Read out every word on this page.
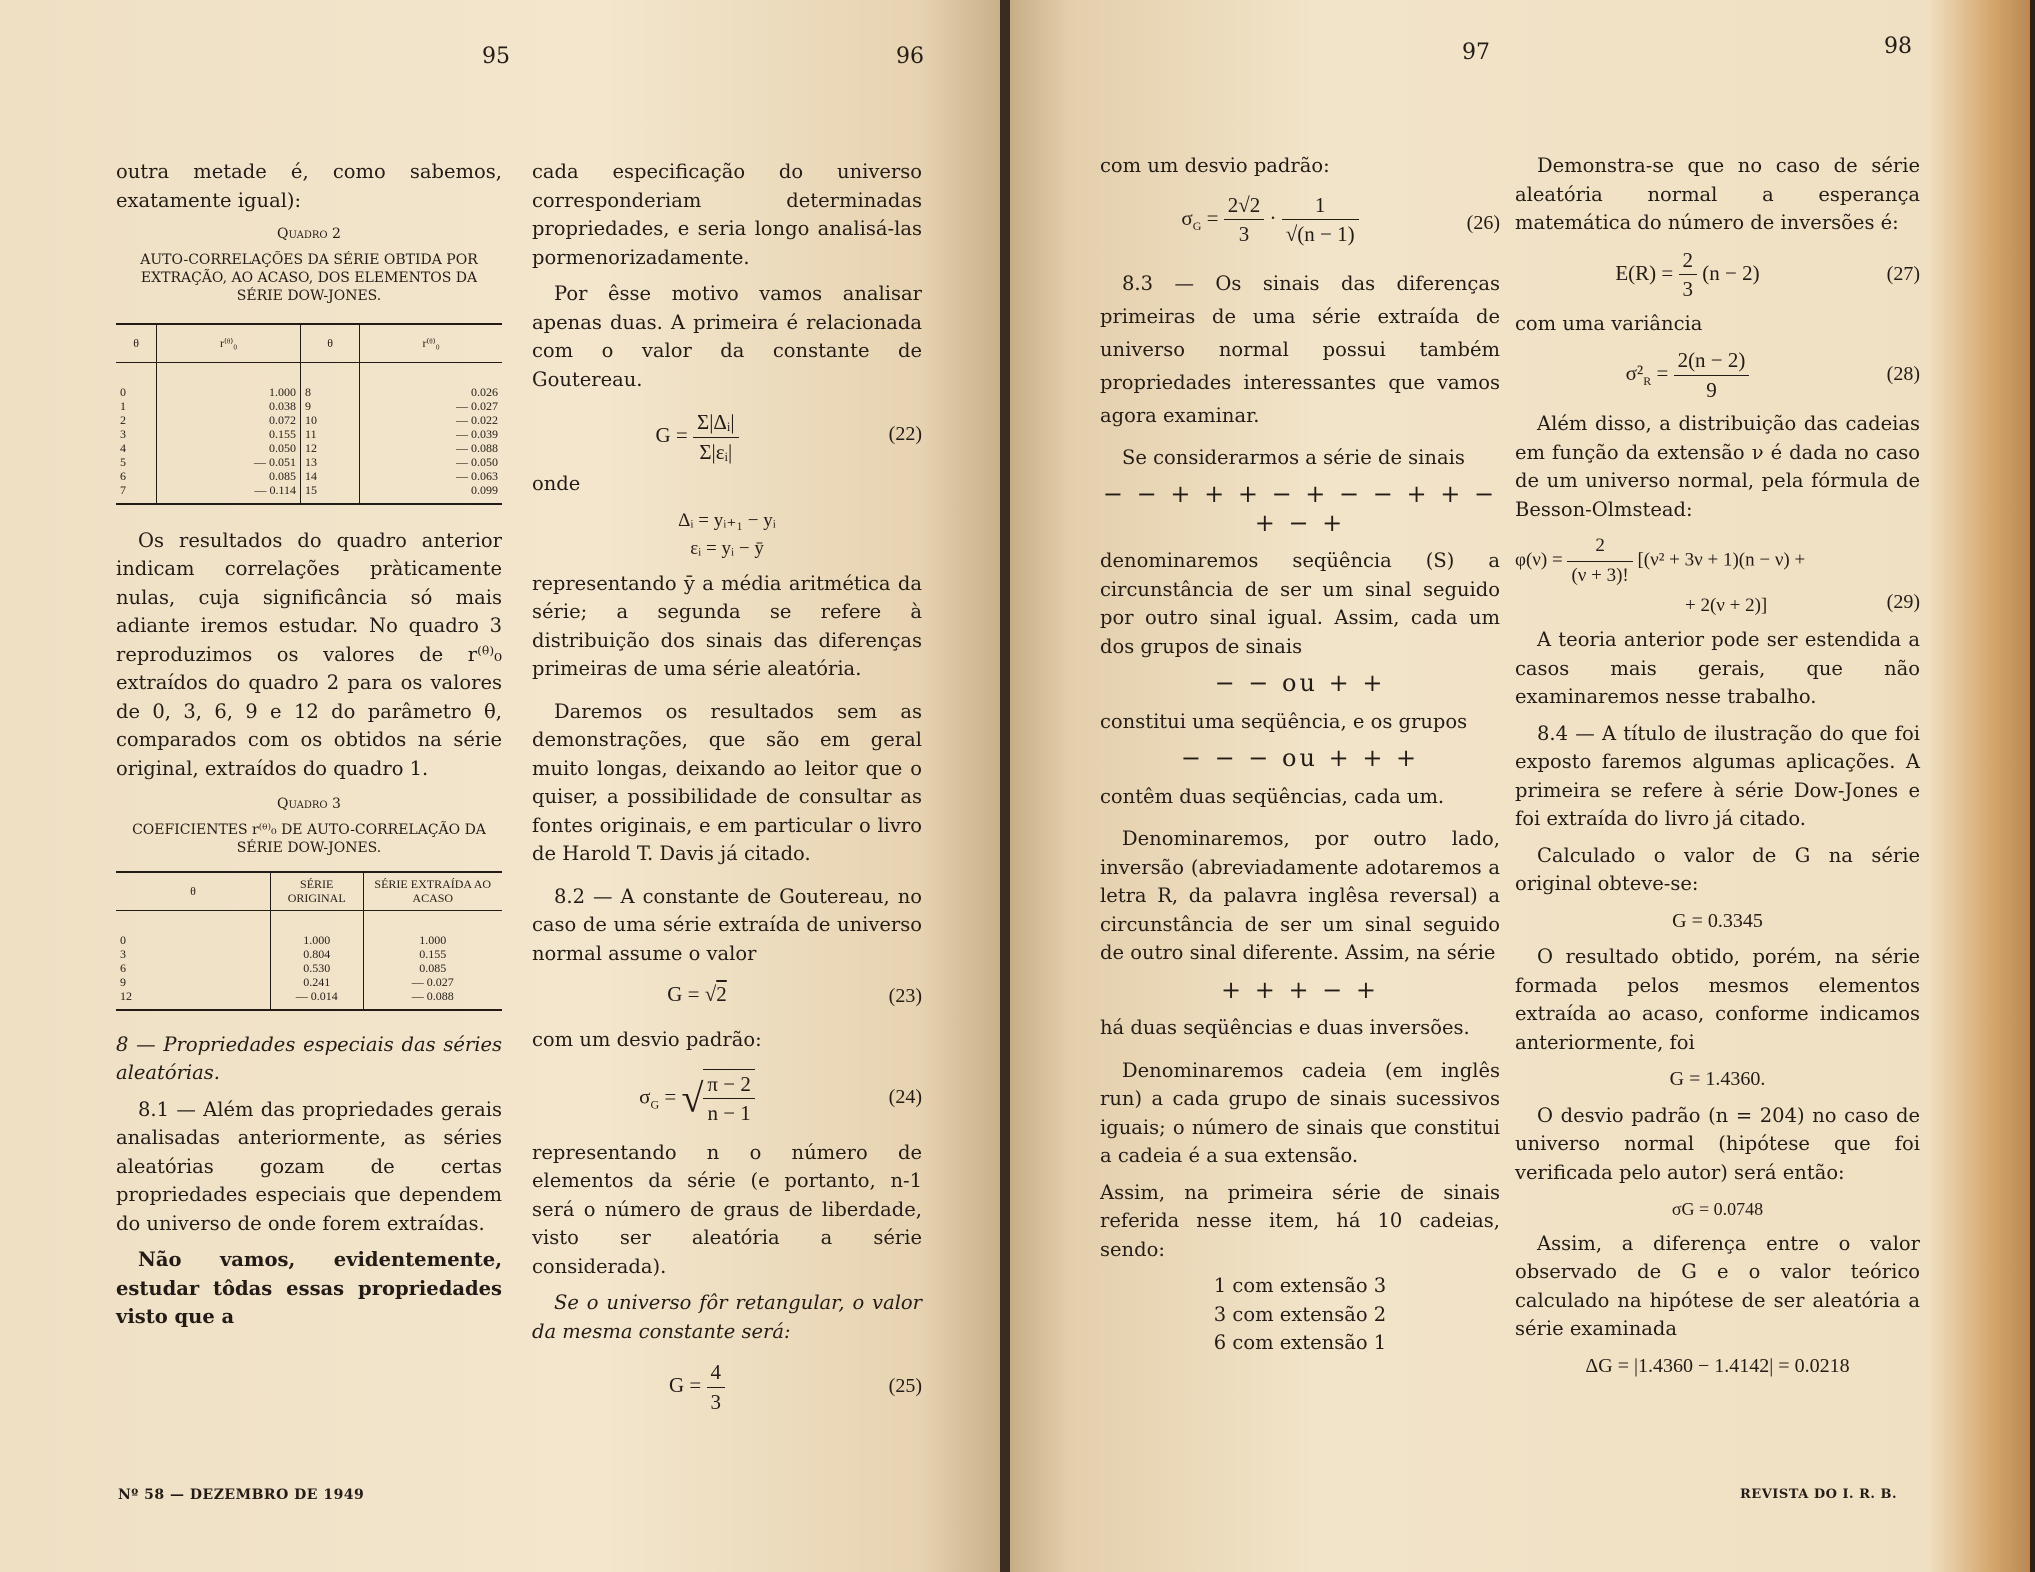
95	96

outra metade é, como sabemos, exatamente igual):

Quadro 2
AUTO-CORRELAÇÕES DA SÉRIE OBTIDA POR EXTRAÇÃO, AO ACASO, DOS ELEMENTOS DA SÉRIE DOW-JONES.
θ	r⁽ᶿ⁾₀	θ	r⁽ᶿ⁾₀
0	1.000	8	0.026
1	0.038	9	— 0.027
2	0.072	10	— 0.022
3	0.155	11	— 0.039
4	0.050	12	— 0.088
5	— 0.051	13	— 0.050
6	0.085	14	— 0.063
7	— 0.114	15	0.099

Os resultados do quadro anterior indicam correlações pràticamente nulas, cuja significância só mais adiante iremos estudar. No quadro 3 reproduzimos os valores de r⁽ᶿ⁾₀ extraídos do quadro 2 para os valores de 0, 3, 6, 9 e 12 do parâmetro θ, comparados com os obtidos na série original, extraídos do quadro 1.

Quadro 3
COEFICIENTES r⁽ᶿ⁾₀ DE AUTO-CORRELAÇÃO DA SÉRIE DOW-JONES.
θ	SÉRIE ORIGINAL	SÉRIE EXTRAÍDA AO ACASO
0	1.000	1.000
3	0.804	0.155
6	0.530	0.085
9	0.241	— 0.027
12	— 0.014	— 0.088

8 — Propriedades especiais das séries aleatórias.

8.1 — Além das propriedades gerais analisadas anteriormente, as séries aleatórias gozam de certas propriedades especiais que dependem do universo de onde forem extraídas.

Não vamos, evidentemente, estudar tôdas essas propriedades visto que a

cada especificação do universo corresponderiam determinadas propriedades, e seria longo analisá-las pormenorizadamente.

Por êsse motivo vamos analisar apenas duas. A primeira é relacionada com o valor da constante de Goutereau.

$G = \frac{\text{Σ|Δᵢ|}}{\text{Σ|εᵢ|}}$	(22)

onde

Δᵢ = yᵢ₊₁ − yᵢ
εᵢ = yᵢ − ȳ

representando ȳ a média aritmética da série; a segunda se refere à distribuição dos sinais das diferenças primeiras de uma série aleatória.

Daremos os resultados sem as demonstrações, que são em geral muito longas, deixando ao leitor que o quiser, a possibilidade de consultar as fontes originais, e em particular o livro de Harold T. Davis já citado.

8.2 — A constante de Goutereau, no caso de uma série extraída de universo normal assume o valor

G = √2	(23)

com um desvio padrão:

$\sigma_G$ = √ $\frac{\pi - 2}{n - 1}$	(24)

representando n o número de elementos da série (e portanto, n-1 será o número de graus de liberdade, visto ser aleatória a série considerada).

Se o universo fôr retangular, o valor da mesma constante será:

$G = \frac{4}{3}$	(25)
Nº 58 — DEZEMBRO DE 1949
97	98

com um desvio padrão:

$\sigma_G = \frac{2√2}{3} \cdot \frac{1}{√(n - 1)}$	(26)

8.3 — Os sinais das diferenças primeiras de uma série extraída de universo normal possui também propriedades interessantes que vamos agora examinar.

Se considerarmos a série de sinais

− − + + + − + − − + + − + − +

denominaremos seqüência (S) a circunstância de ser um sinal seguido por outro sinal igual. Assim, cada um dos grupos de sinais

− − ou + +

constitui uma seqüência, e os grupos

− − − ou + + +

contêm duas seqüências, cada um.

Denominaremos, por outro lado, inversão (abreviadamente adotaremos a letra R, da palavra inglêsa reversal) a circunstância de ser um sinal seguido de outro sinal diferente. Assim, na série

+ + + − +

há duas seqüências e duas inversões.

Denominaremos cadeia (em inglês run) a cada grupo de sinais sucessivos iguais; o número de sinais que constitui a cadeia é a sua extensão.

Assim, na primeira série de sinais referida nesse item, há 10 cadeias, sendo:

1 com extensão 3
3 com extensão 2
6 com extensão 1

Demonstra-se que no caso de série aleatória normal a esperança matemática do número de inversões é:

$E(R) = \frac{2}{3} (n - 2)$	(27)

com uma variância

$\sigma^2_R = \frac{2(n - 2)}{9}$	(28)

Além disso, a distribuição das cadeias em função da extensão ν é dada no caso de um universo normal, pela fórmula de Besson-Olmstead:

$\varphi(\nu) = \frac{2}{(\nu + 3)!} [(\nu^2 + 3\nu + 1)(n - \nu)$ +
+ 2(ν + 2)]	(29)

A teoria anterior pode ser estendida a casos mais gerais, que não examinaremos nesse trabalho.

8.4 — A título de ilustração do que foi exposto faremos algumas aplicações. A primeira se refere à série Dow-Jones e foi extraída do livro já citado.

Calculado o valor de G na série original obteve-se:

G = 0.3345

O resultado obtido, porém, na série formada pelos mesmos elementos extraída ao acaso, conforme indicamos anteriormente, foi

G = 1.4360.

O desvio padrão (n = 204) no caso de universo normal (hipótese que foi verificada pelo autor) será então:

σG = 0.0748

Assim, a diferença entre o valor observado de G e o valor teórico calculado na hipótese de ser aleatória a série examinada

ΔG = |1.4360 − 1.4142| = 0.0218
REVISTA DO I. R. B.
